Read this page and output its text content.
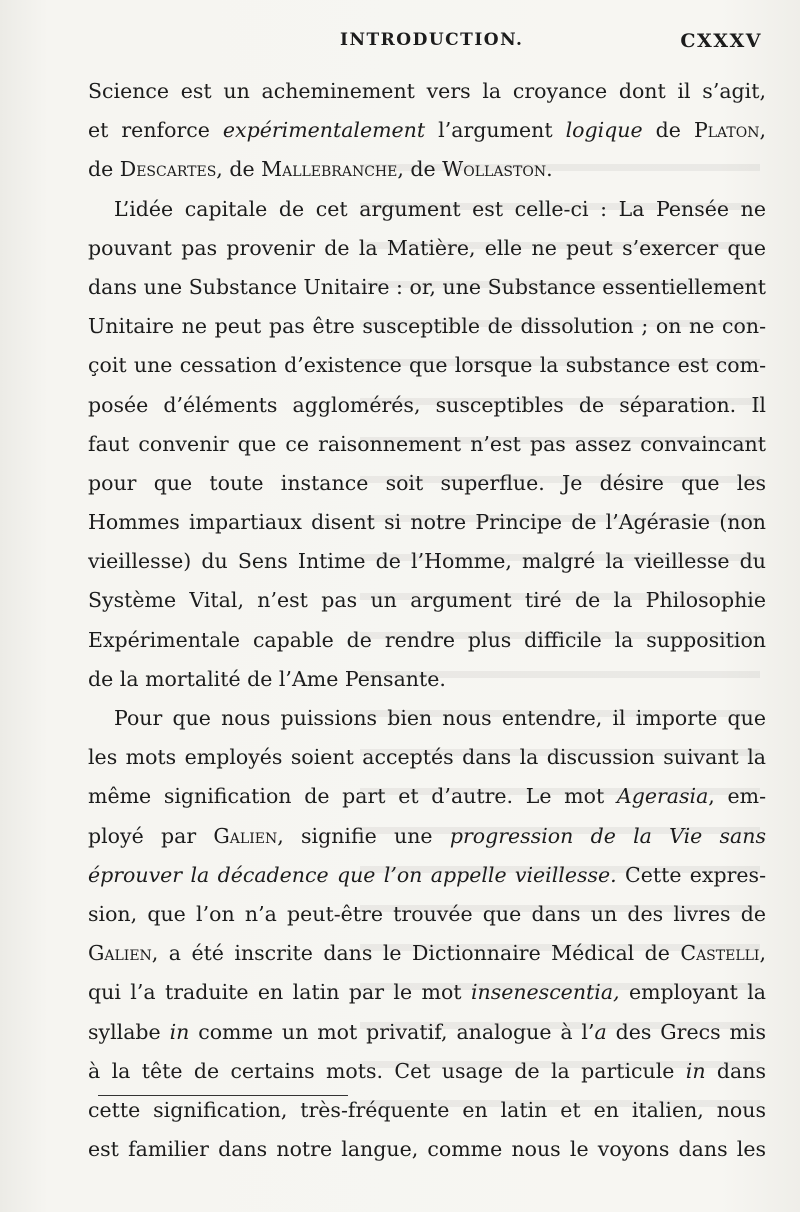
INTRODUCTION.	CXXXV
Science est un acheminement vers la croyance dont il s’agit,
et renforce expérimentalement l’argument logique de Platon,
de Descartes, de Mallebranche, de Wollaston.
L’idée capitale de cet argument est celle-ci : La Pensée ne
pouvant pas provenir de la Matière, elle ne peut s’exercer que
dans une Substance Unitaire : or, une Substance essentiellement
Unitaire ne peut pas être susceptible de dissolution ; on ne con-
çoit une cessation d’existence que lorsque la substance est com-
posée d’éléments agglomérés, susceptibles de séparation. Il
faut convenir que ce raisonnement n’est pas assez convaincant
pour que toute instance soit superflue. Je désire que les
Hommes impartiaux disent si notre Principe de l’Agérasie (non
vieillesse) du Sens Intime de l’Homme, malgré la vieillesse du
Système Vital, n’est pas un argument tiré de la Philosophie
Expérimentale capable de rendre plus difficile la supposition
de la mortalité de l’Ame Pensante.
Pour que nous puissions bien nous entendre, il importe que
les mots employés soient acceptés dans la discussion suivant la
même signification de part et d’autre. Le mot Agerasia, em-
ployé par Galien, signifie une progression de la Vie sans
éprouver la décadence que l’on appelle vieillesse. Cette expres-
sion, que l’on n’a peut-être trouvée que dans un des livres de
Galien, a été inscrite dans le Dictionnaire Médical de Castelli,
qui l’a traduite en latin par le mot insenescentia, employant la
syllabe in comme un mot privatif, analogue à l’a des Grecs mis
à la tête de certains mots. Cet usage de la particule in dans
cette signification, très-fréquente en latin et en italien, nous
est familier dans notre langue, comme nous le voyons dans les
